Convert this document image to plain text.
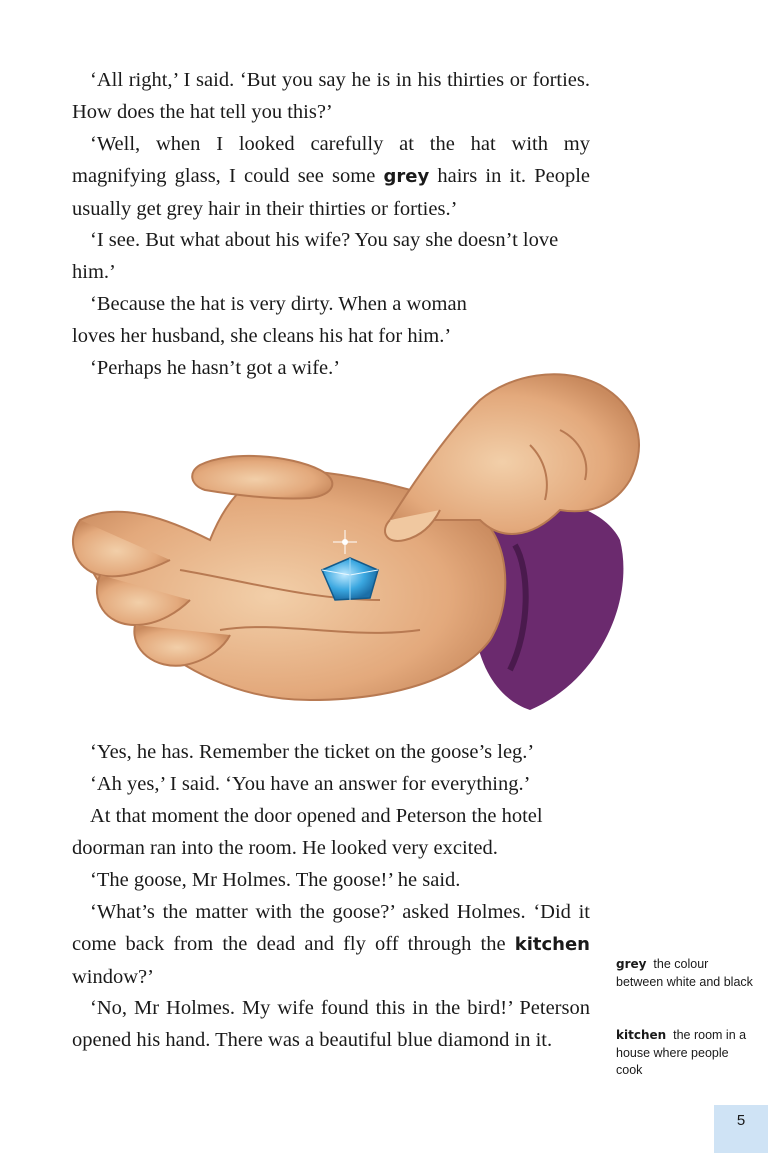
‘All right,’ I said. ‘But you say he is in his thirties or forties. How does the hat tell you this?’

‘Well, when I looked carefully at the hat with my magnifying glass, I could see some grey hairs in it. People usually get grey hair in their thirties or forties.’

‘I see. But what about his wife? You say she doesn’t love him.’

‘Because the hat is very dirty. When a woman

loves her husband, she cleans his hat for him.’

‘Perhaps he hasn’t got a wife.’

‘Yes, he has. Remember the ticket on the goose’s leg.’

‘Ah yes,’ I said. ‘You have an answer for everything.’

At that moment the door opened and Peterson the hotel doorman ran into the room. He looked very excited.

‘The goose, Mr Holmes. The goose!’ he said.

‘What’s the matter with the goose?’ asked Holmes. ‘Did it come back from the dead and fly off through the kitchen window?’

‘No, Mr Holmes. My wife found this in the bird!’ Peterson opened his hand. There was a beautiful blue diamond in it.

grey the colour between white and black
kitchen the room in a house where people cook
5
